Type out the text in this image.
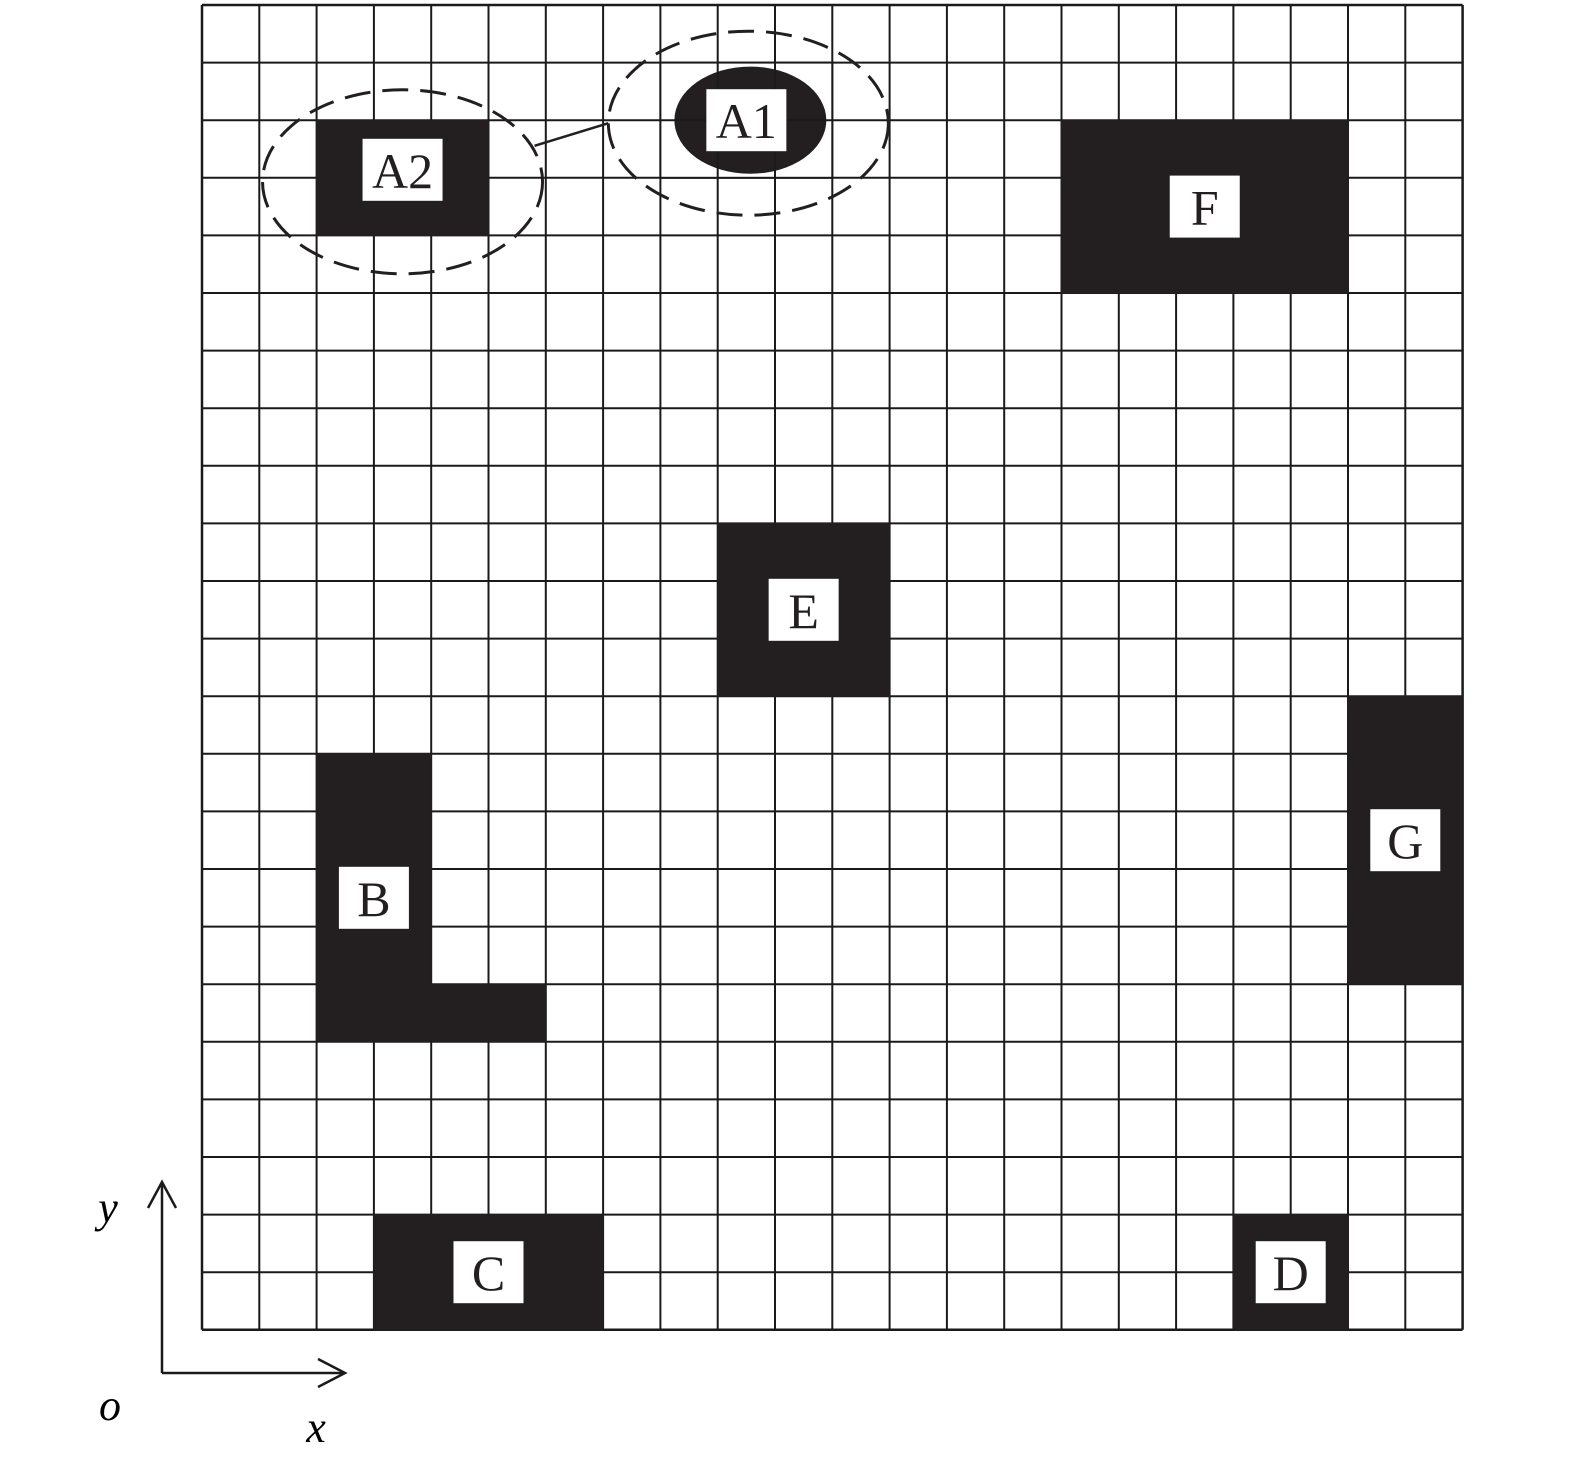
A2
A1
F
E
B
G
C	D
y
x
o
